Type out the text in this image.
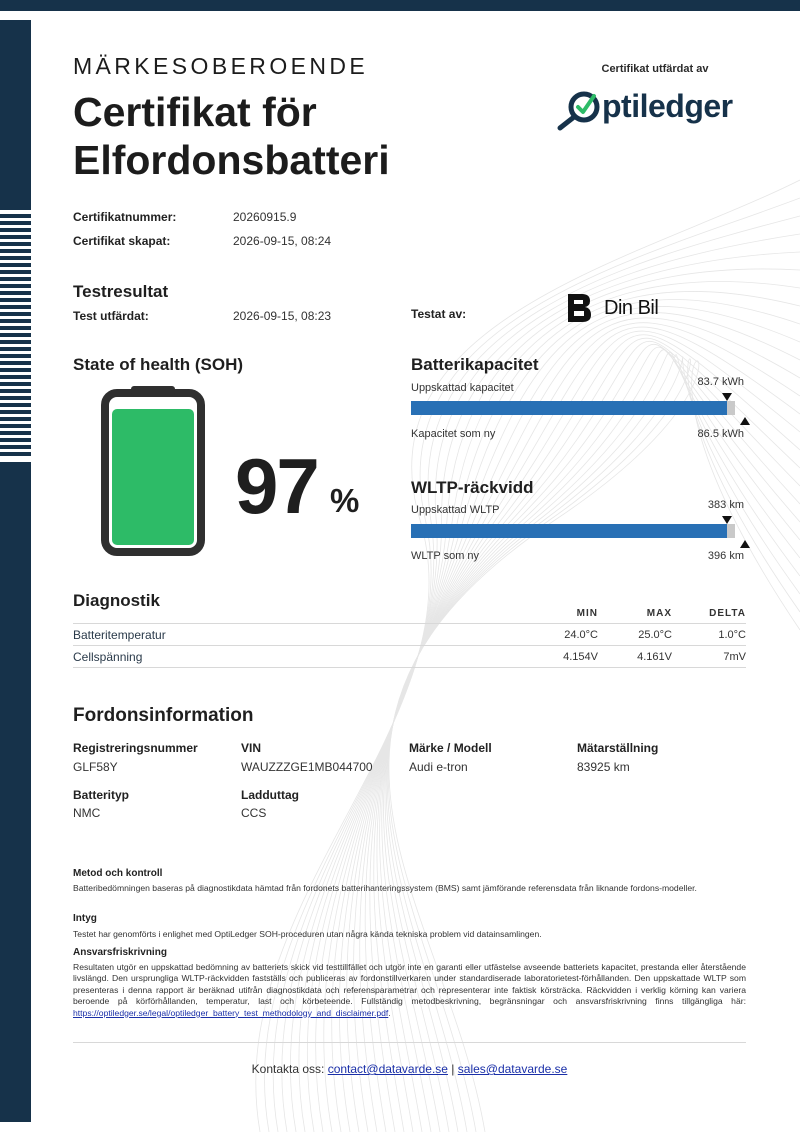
MÄRKESOBEROENDE
Certifikat för
Elfordonsbatteri
Certifikat utfärdat av
ptiledger
Certifikatnummer:	20260915.9
Certifikat skapat:	2026-09-15, 08:24
Testresultat
Test utfärdat:	2026-09-15, 08:23	Testat av:	Din Bil
State of health (SOH)
97 %
Batterikapacitet
Uppskattad kapacitet	83.7 kWh
Kapacitet som ny	86.5 kWh
WLTP-räckvidd
Uppskattad WLTP	383 km
WLTP som ny	396 km
Diagnostik
MIN	MAX	DELTA
Batteritemperatur	24.0°C	25.0°C	1.0°C
Cellspänning	4.154V	4.161V	7mV
Fordonsinformation
Registreringsnummer
GLF58Y
VIN
WAUZZZGE1MB044700
Märke / Modell
Audi e-tron
Mätarställning
83925 km
Batterityp
NMC
Ladduttag
CCS
Metod och kontroll
Batteribedömningen baseras på diagnostikdata hämtad från fordonets batterihanteringssystem (BMS) samt jämförande referensdata från liknande fordons-modeller.
Intyg
Testet har genomförts i enlighet med OptiLedger SOH-proceduren utan några kända tekniska problem vid datainsamlingen.
Ansvarsfriskrivning
Resultaten utgör en uppskattad bedömning av batteriets skick vid testtillfället och utgör inte en garanti eller utfästelse avseende batteriets kapacitet, prestanda eller återstående livslängd. Den ursprungliga WLTP-räckvidden fastställs och publiceras av fordonstillverkaren under standardiserade laboratorietest-förhållanden. Den uppskattade WLTP som presenteras i denna rapport är beräknad utifrån diagnostikdata och referensparametrar och representerar inte faktisk körsträcka. Räckvidden i verklig körning kan variera beroende på körförhållanden, temperatur, last och körbeteende. Fullständig metodbeskrivning, begränsningar och ansvarsfriskrivning finns tillgängliga här: https://optiledger.se/legal/optiledger_battery_test_methodology_and_disclaimer.pdf.
Kontakta oss: contact@datavarde.se | sales@datavarde.se
